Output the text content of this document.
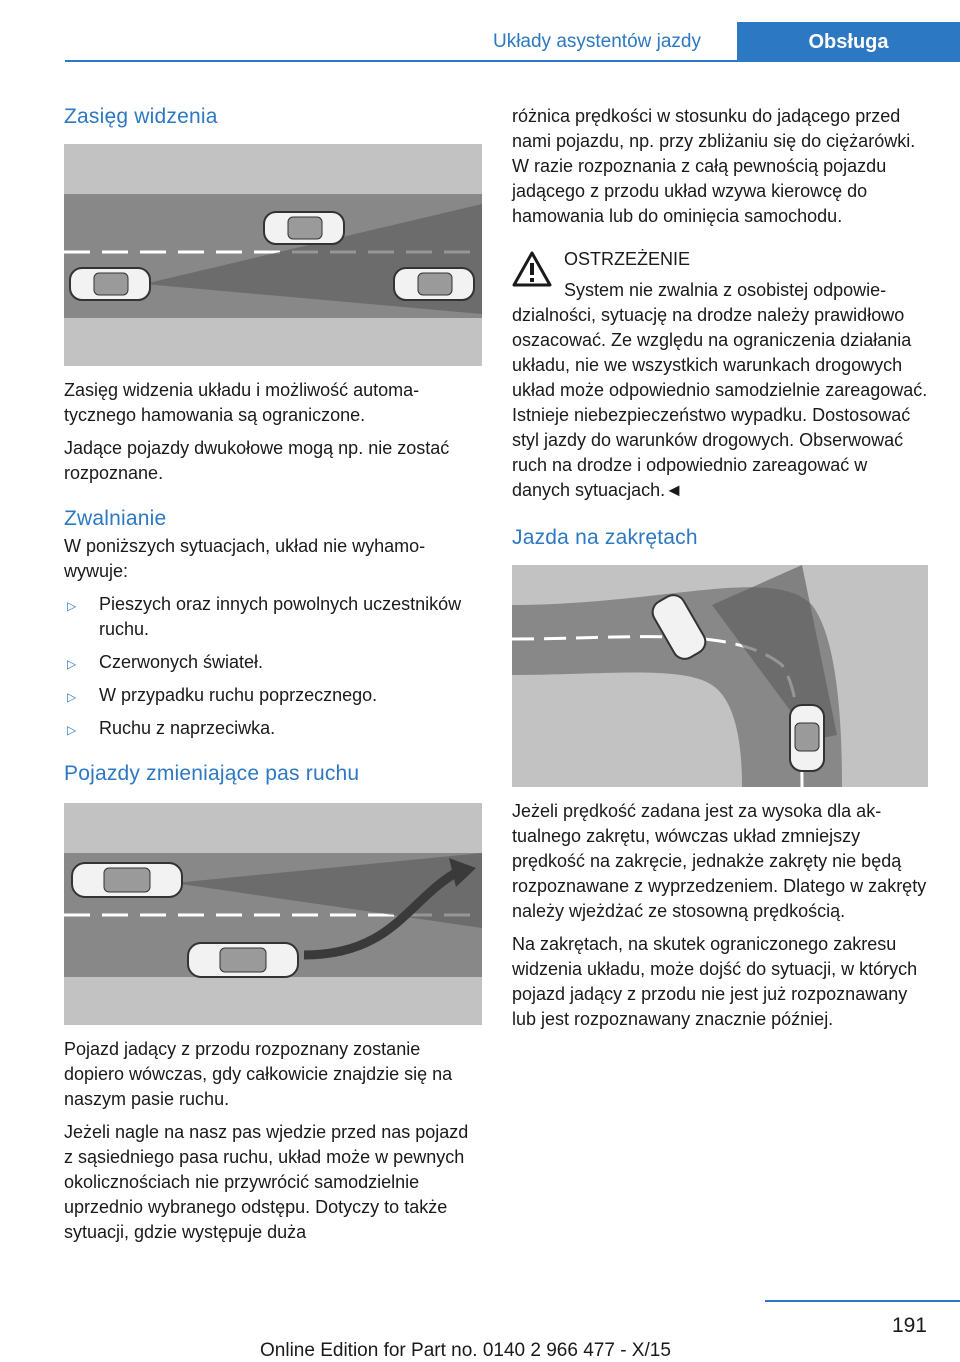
Układy asystentów jazdy	Obsługa
Zasięg widzenia

Zasięg widzenia układu i możliwość automatycznego hamowania są ograniczone.

Jadące pojazdy dwukołowe mogą np. nie zostać rozpoznane.

Zwalnianie

W poniższych sytuacjach, układ nie wyhamowywuje:

▷ Pieszych oraz innych powolnych uczestników ruchu.
▷ Czerwonych świateł.
▷ W przypadku ruchu poprzecznego.
▷ Ruchu z naprzeciwka.
Pojazdy zmieniające pas ruchu

Pojazd jadący z przodu rozpoznany zostanie dopiero wówczas, gdy całkowicie znajdzie się na naszym pasie ruchu.

Jeżeli nagle na nasz pas wjedzie przed nas pojazd z sąsiedniego pasa ruchu, układ może w pewnych okolicznościach nie przywrócić samodzielnie uprzednio wybranego odstępu. Dotyczy to także sytuacji, gdzie występuje duża

różnica prędkości w stosunku do jadącego przed nami pojazdu, np. przy zbliżaniu się do ciężarówki. W razie rozpoznania z całą pewnością pojazdu jadącego z przodu układ wzywa kierowcę do hamowania lub do ominięcia samochodu.

OSTRZEŻENIE

System nie zwalnia z osobistej odpowiedzialności, sytuację na drodze należy prawidłowo oszacować. Ze względu na ograniczenia działania układu, nie we wszystkich warunkach drogowych układ może odpowiednio samodzielnie zareagować. Istnieje niebezpieczeństwo wypadku. Dostosować styl jazdy do warunków drogowych. Obserwować ruch na drodze i odpowiednio zareagować w danych sytuacjach.◄

Jazda na zakrętach

Jeżeli prędkość zadana jest za wysoka dla aktualnego zakrętu, wówczas układ zmniejszy prędkość na zakręcie, jednakże zakręty nie będą rozpoznawane z wyprzedzeniem. Dlatego w zakręty należy wjeżdżać ze stosowną prędkością.

Na zakrętach, na skutek ograniczonego zakresu widzenia układu, może dojść do sytuacji, w których pojazd jadący z przodu nie jest już rozpoznawany lub jest rozpoznawany znacznie później.

191
Online Edition for Part no. 0140 2 966 477 - X/15
